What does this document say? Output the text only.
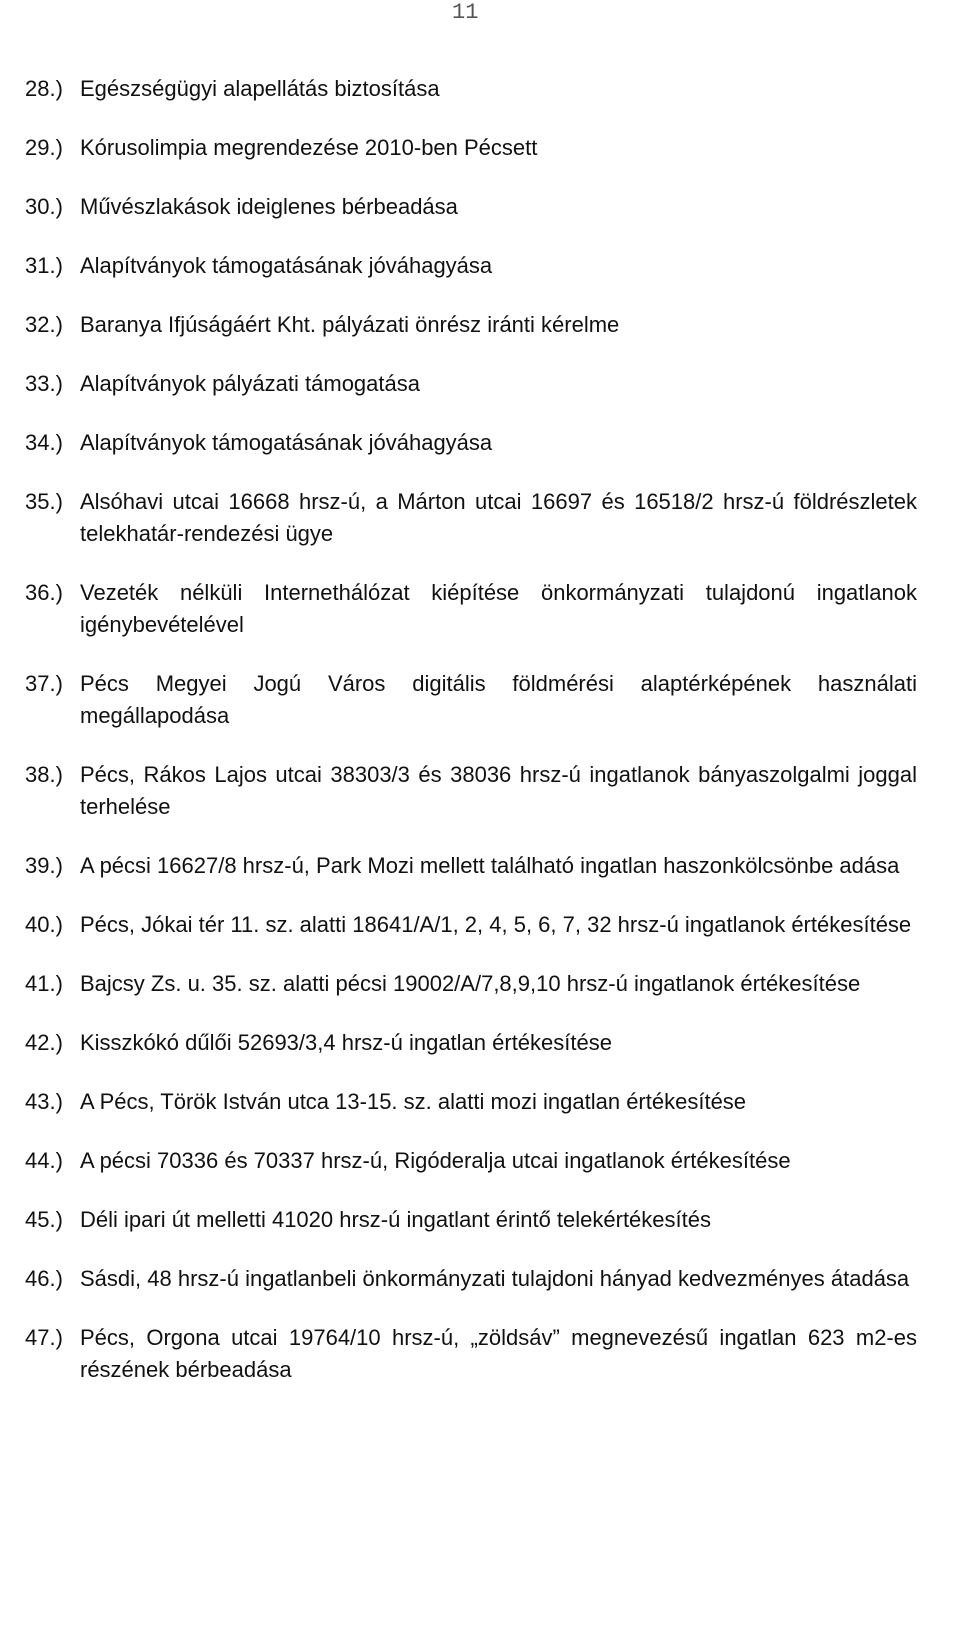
11
28.) Egészségügyi alapellátás biztosítása
29.) Kórusolimpia megrendezése 2010-ben Pécsett
30.) Művészlakások ideiglenes bérbeadása
31.) Alapítványok támogatásának jóváhagyása
32.) Baranya Ifjúságáért Kht. pályázati önrész iránti kérelme
33.) Alapítványok pályázati támogatása
34.) Alapítványok támogatásának jóváhagyása
35.) Alsóhavi utcai 16668 hrsz-ú, a Márton utcai 16697 és 16518/2 hrsz-ú földrészletek telekhatár-rendezési ügye
36.) Vezeték nélküli Internethálózat kiépítése önkormányzati tulajdonú ingatlanok igénybevételével
37.) Pécs Megyei Jogú Város digitális földmérési alaptérképének használati megállapodása
38.) Pécs, Rákos Lajos utcai 38303/3 és 38036 hrsz-ú ingatlanok bányaszolgalmi joggal terhelése
39.) A pécsi 16627/8 hrsz-ú, Park Mozi mellett található ingatlan haszonkölcsönbe adása
40.) Pécs, Jókai tér 11. sz. alatti 18641/A/1, 2, 4, 5, 6, 7, 32 hrsz-ú ingatlanok értékesítése
41.) Bajcsy Zs. u. 35. sz. alatti pécsi 19002/A/7,8,9,10 hrsz-ú ingatlanok értékesítése
42.) Kisszkókó dűlői 52693/3,4 hrsz-ú ingatlan értékesítése
43.) A Pécs, Török István utca 13-15. sz. alatti mozi ingatlan értékesítése
44.) A pécsi 70336 és 70337 hrsz-ú, Rigóderalja utcai ingatlanok értékesítése
45.) Déli ipari út melletti 41020 hrsz-ú ingatlant érintő telekértékesítés
46.) Sásdi, 48 hrsz-ú ingatlanbeli önkormányzati tulajdoni hányad kedvezményes átadása
47.) Pécs, Orgona utcai 19764/10 hrsz-ú, „zöldsáv” megnevezésű ingatlan 623 m2-es részének bérbeadása
